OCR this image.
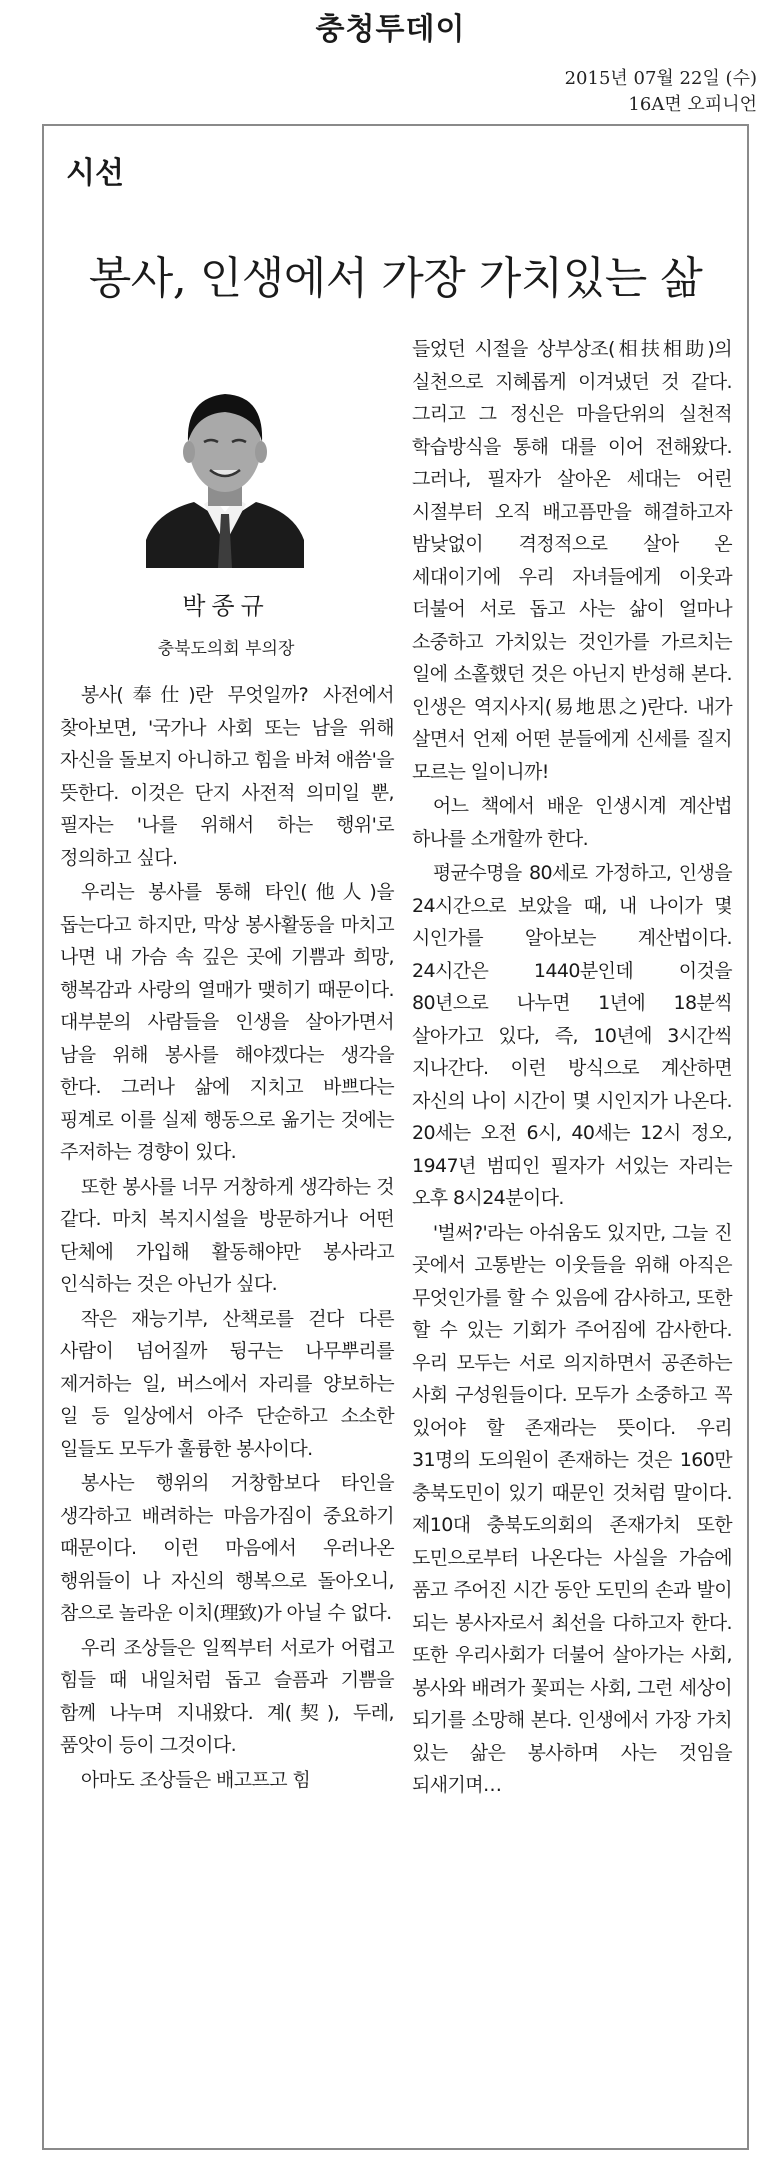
충청투데이
2015년 07월 22일 (수)
16A면 오피니언
시선
봉사, 인생에서 가장 가치있는 삶
박종규
충북도의회 부의장

봉사(奉仕)란 무엇일까? 사전에서 찾아보면, '국가나 사회 또는 남을 위해 자신을 돌보지 아니하고 힘을 바쳐 애씀'을 뜻한다. 이것은 단지 사전적 의미일 뿐, 필자는 '나를 위해서 하는 행위'로 정의하고 싶다.

우리는 봉사를 통해 타인(他人)을 돕는다고 하지만, 막상 봉사활동을 마치고 나면 내 가슴 속 깊은 곳에 기쁨과 희망, 행복감과 사랑의 열매가 맺히기 때문이다. 대부분의 사람들을 인생을 살아가면서 남을 위해 봉사를 해야겠다는 생각을 한다. 그러나 삶에 지치고 바쁘다는 핑계로 이를 실제 행동으로 옮기는 것에는 주저하는 경향이 있다.

또한 봉사를 너무 거창하게 생각하는 것 같다. 마치 복지시설을 방문하거나 어떤 단체에 가입해 활동해야만 봉사라고 인식하는 것은 아닌가 싶다.

작은 재능기부, 산책로를 걷다 다른 사람이 넘어질까 뒹구는 나무뿌리를 제거하는 일, 버스에서 자리를 양보하는 일 등 일상에서 아주 단순하고 소소한 일들도 모두가 훌륭한 봉사이다.

봉사는 행위의 거창함보다 타인을 생각하고 배려하는 마음가짐이 중요하기 때문이다. 이런 마음에서 우러나온 행위들이 나 자신의 행복으로 돌아오니, 참으로 놀라운 이치(理致)가 아닐 수 없다.

우리 조상들은 일찍부터 서로가 어렵고 힘들 때 내일처럼 돕고 슬픔과 기쁨을 함께 나누며 지내왔다. 계(契), 두레, 품앗이 등이 그것이다.

아마도 조상들은 배고프고 힘

들었던 시절을 상부상조(相扶相助)의 실천으로 지혜롭게 이겨냈던 것 같다. 그리고 그 정신은 마을단위의 실천적 학습방식을 통해 대를 이어 전해왔다. 그러나, 필자가 살아온 세대는 어린 시절부터 오직 배고픔만을 해결하고자 밤낮없이 격정적으로 살아 온 세대이기에 우리 자녀들에게 이웃과 더불어 서로 돕고 사는 삶이 얼마나 소중하고 가치있는 것인가를 가르치는 일에 소홀했던 것은 아닌지 반성해 본다. 인생은 역지사지(易地思之)란다. 내가 살면서 언제 어떤 분들에게 신세를 질지 모르는 일이니까!

어느 책에서 배운 인생시계 계산법 하나를 소개할까 한다.

평균수명을 80세로 가정하고, 인생을 24시간으로 보았을 때, 내 나이가 몇 시인가를 알아보는 계산법이다. 24시간은 1440분인데 이것을 80년으로 나누면 1년에 18분씩 살아가고 있다, 즉, 10년에 3시간씩 지나간다. 이런 방식으로 계산하면 자신의 나이 시간이 몇 시인지가 나온다. 20세는 오전 6시, 40세는 12시 정오, 1947년 범띠인 필자가 서있는 자리는 오후 8시24분이다.

'벌써?'라는 아쉬움도 있지만, 그늘 진 곳에서 고통받는 이웃들을 위해 아직은 무엇인가를 할 수 있음에 감사하고, 또한 할 수 있는 기회가 주어짐에 감사한다. 우리 모두는 서로 의지하면서 공존하는 사회 구성원들이다. 모두가 소중하고 꼭 있어야 할 존재라는 뜻이다. 우리 31명의 도의원이 존재하는 것은 160만 충북도민이 있기 때문인 것처럼 말이다. 제10대 충북도의회의 존재가치 또한 도민으로부터 나온다는 사실을 가슴에 품고 주어진 시간 동안 도민의 손과 발이 되는 봉사자로서 최선을 다하고자 한다. 또한 우리사회가 더불어 살아가는 사회, 봉사와 배려가 꽃피는 사회, 그런 세상이 되기를 소망해 본다. 인생에서 가장 가치 있는 삶은 봉사하며 사는 것임을 되새기며…
